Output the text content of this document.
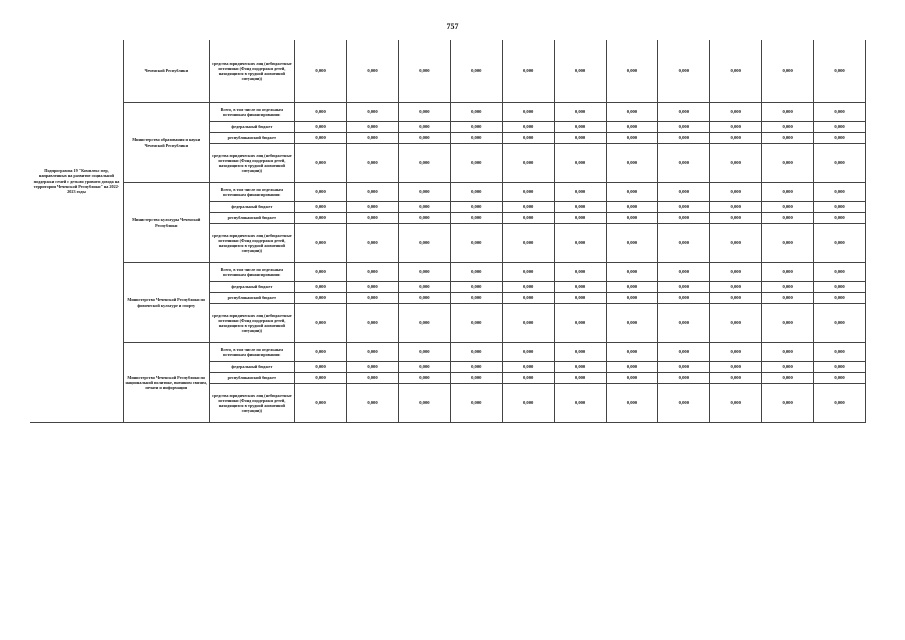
757
Подпрограмма 19 "Комплекс мер, направленных на развитие социальной поддержки семей с детьми уровнем дохода на территории Чеченской Республики" на 2022-2023 годы	Чеченской Республики	средства юридических лиц (небюджетные источники (Фонд поддержки детей, находящихся в трудной жизненной ситуации))	0,000	0,000	0,000	0,000	0,000	0,000	0,000	0,000	0,000	0,000	0,000
	Министерство образования и науки Чеченской Республики	Всего, в том числе по отдельным источникам финансирования:	0,000	0,000	0,000	0,000	0,000	0,000	0,000	0,000	0,000	0,000	0,000
		федеральный бюджет	0,000	0,000	0,000	0,000	0,000	0,000	0,000	0,000	0,000	0,000	0,000
		республиканский бюджет	0,000	0,000	0,000	0,000	0,000	0,000	0,000	0,000	0,000	0,000	0,000
		средства юридических лиц (небюджетные источники (Фонд поддержки детей, находящихся в трудной жизненной ситуации))	0,000	0,000	0,000	0,000	0,000	0,000	0,000	0,000	0,000	0,000	0,000
	Министерство культуры Чеченской Республики	Всего, в том числе по отдельным источникам финансирования:	0,000	0,000	0,000	0,000	0,000	0,000	0,000	0,000	0,000	0,000	0,000
		федеральный бюджет	0,000	0,000	0,000	0,000	0,000	0,000	0,000	0,000	0,000	0,000	0,000
		республиканский бюджет	0,000	0,000	0,000	0,000	0,000	0,000	0,000	0,000	0,000	0,000	0,000
		средства юридических лиц (небюджетные источники (Фонд поддержки детей, находящихся в трудной жизненной ситуации))	0,000	0,000	0,000	0,000	0,000	0,000	0,000	0,000	0,000	0,000	0,000
	Министерство Чеченской Республики по физической культуре и спорту	Всего, в том числе по отдельным источникам финансирования:	0,000	0,000	0,000	0,000	0,000	0,000	0,000	0,000	0,000	0,000	0,000
		федеральный бюджет	0,000	0,000	0,000	0,000	0,000	0,000	0,000	0,000	0,000	0,000	0,000
		республиканский бюджет	0,000	0,000	0,000	0,000	0,000	0,000	0,000	0,000	0,000	0,000	0,000
		средства юридических лиц (небюджетные источники (Фонд поддержки детей, находящихся в трудной жизненной ситуации))	0,000	0,000	0,000	0,000	0,000	0,000	0,000	0,000	0,000	0,000	0,000
	Министерство Чеченской Республики по национальной политике, внешним связям, печати и информации	Всего, в том числе по отдельным источникам финансирования:	0,000	0,000	0,000	0,000	0,000	0,000	0,000	0,000	0,000	0,000	0,000
		федеральный бюджет	0,000	0,000	0,000	0,000	0,000	0,000	0,000	0,000	0,000	0,000	0,000
		республиканский бюджет	0,000	0,000	0,000	0,000	0,000	0,000	0,000	0,000	0,000	0,000	0,000
		средства юридических лиц (небюджетные источники (Фонд поддержки детей, находящихся в трудной жизненной ситуации))	0,000	0,000	0,000	0,000	0,000	0,000	0,000	0,000	0,000	0,000	0,000
